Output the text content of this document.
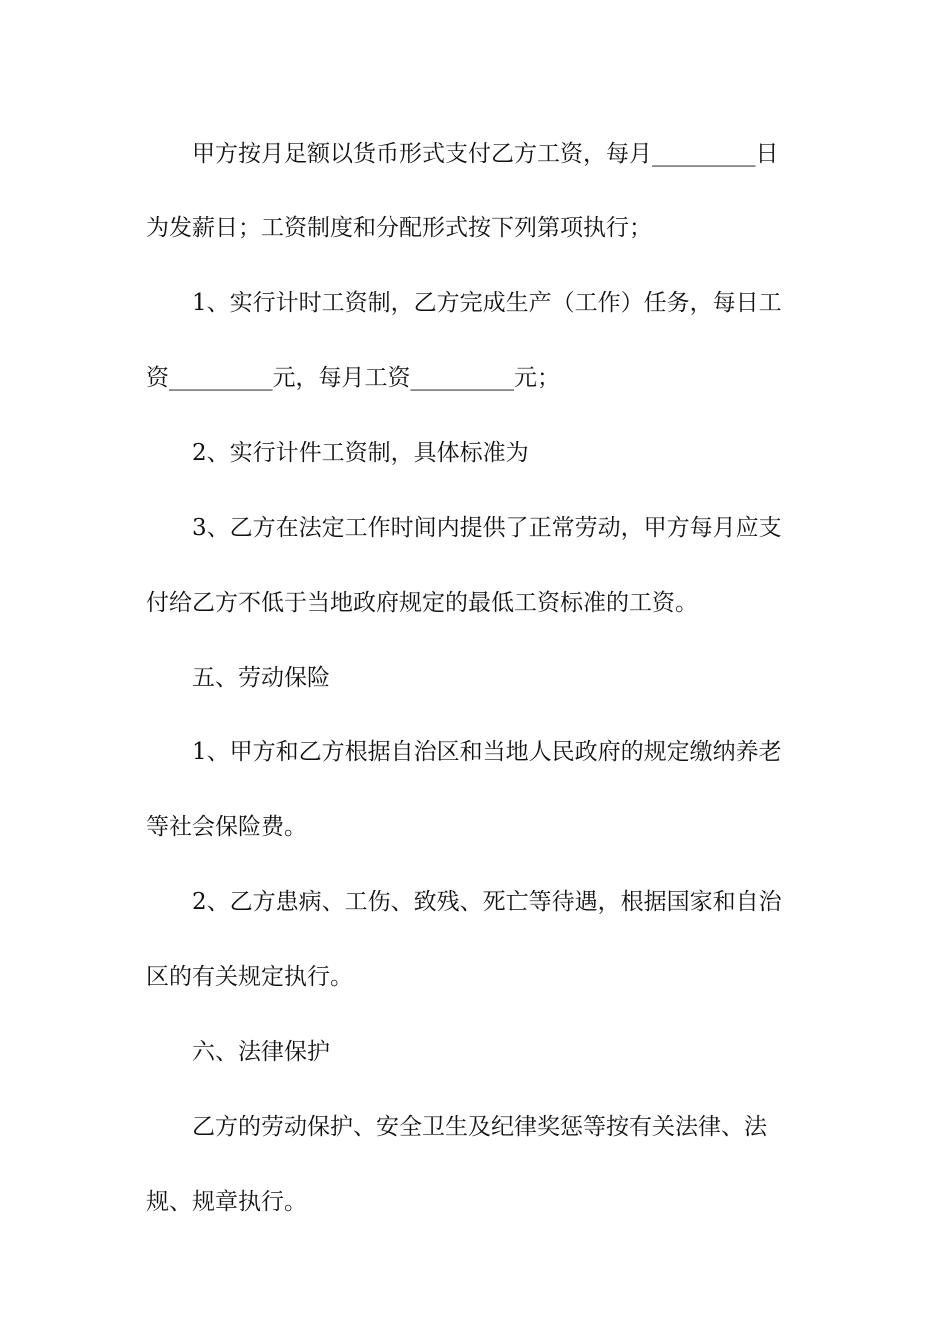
甲方按月足额以货币形式支付乙方工资，每月_________日
为发薪日；工资制度和分配形式按下列第项执行；
1、实行计时工资制，乙方完成生产（工作）任务，每日工
资_________元，每月工资_________元；
2、实行计件工资制，具体标准为
3、乙方在法定工作时间内提供了正常劳动，甲方每月应支
付给乙方不低于当地政府规定的最低工资标准的工资。
五、劳动保险
1、甲方和乙方根据自治区和当地人民政府的规定缴纳养老
等社会保险费。
2、乙方患病、工伤、致残、死亡等待遇，根据国家和自治
区的有关规定执行。
六、法律保护
乙方的劳动保护、安全卫生及纪律奖惩等按有关法律、法
规、规章执行。
